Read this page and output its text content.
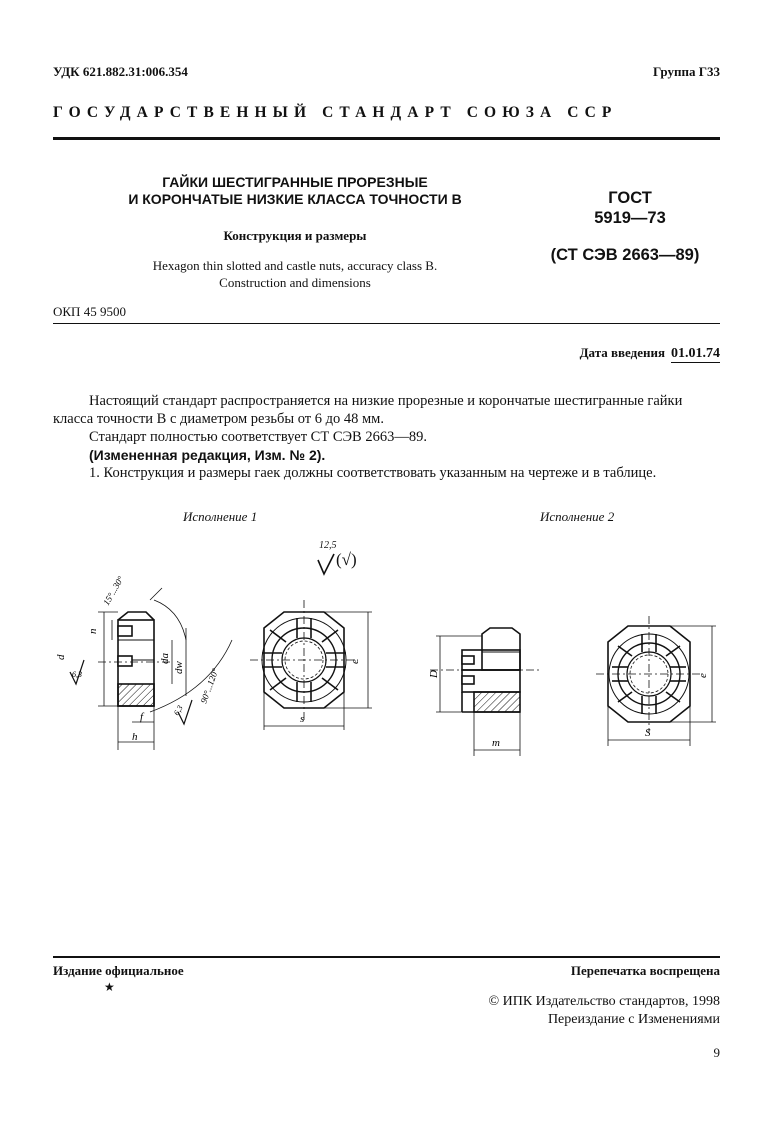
УДК 621.882.31:006.354	Группа Г33
ГОСУДАРСТВЕННЫЙ СТАНДАРТ СОЮЗА ССР
ГАЙКИ ШЕСТИГРАННЫЕ ПРОРЕЗНЫЕ
И КОРОНЧАТЫЕ НИЗКИЕ КЛАССА ТОЧНОСТИ В
Конструкция и размеры
Hexagon thin slotted and castle nuts, accuracy class B.
Construction and dimensions
ГОСТ
5919—73
(СТ СЭВ 2663—89)
ОКП 45 9500
Дата введения 01.01.74

Настоящий стандарт распространяется на низкие прорезные и корончатые шестигранные гайки класса точности В с диаметром резьбы от 6 до 48 мм.

Стандарт полностью соответствует СТ СЭВ 2663—89.

(Измененная редакция, Изм. № 2).

1. Конструкция и размеры гаек должны соответствовать указанным на чертеже и в таблице.

Исполнение 1	Исполнение 2
12,5
(√)
d
n
6,3
da
dw
6,3
f
h
15°...30°
90°...120°
s
e
D
m
S
e
Издание официальное
★
Перепечатка воспрещена
© ИПК Издательство стандартов, 1998
Переиздание с Изменениями
9
